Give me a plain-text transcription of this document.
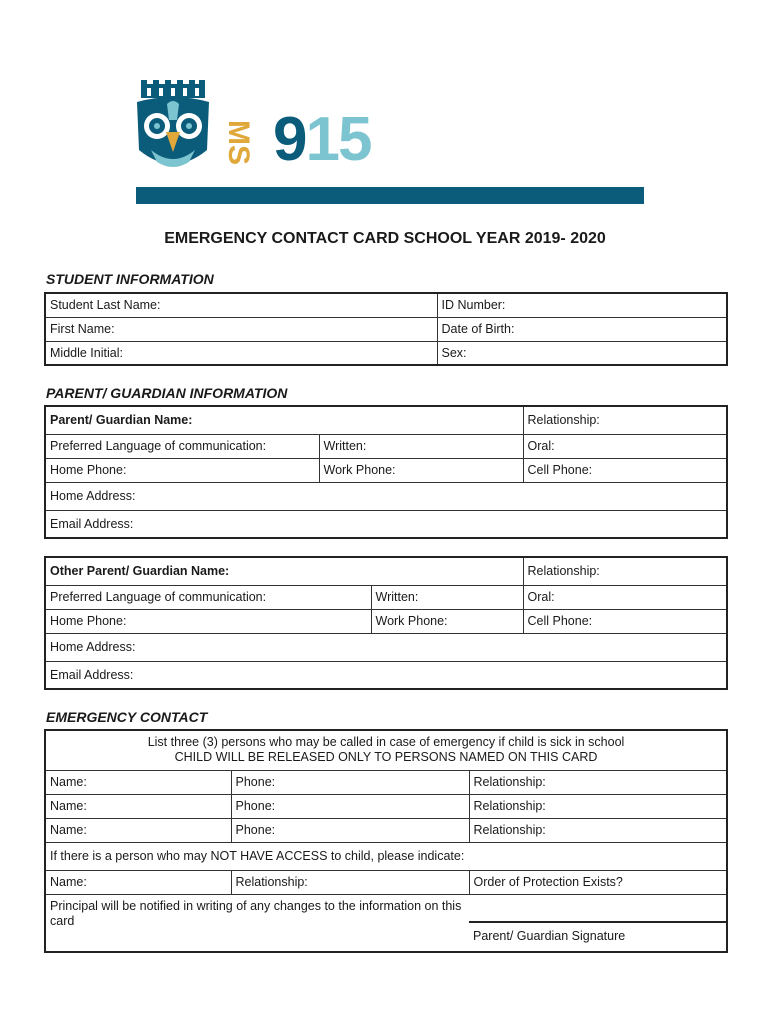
MS 915
EMERGENCY CONTACT CARD SCHOOL YEAR 2019- 2020
STUDENT INFORMATION
Student Last Name:	ID Number:
First Name:	Date of Birth:
Middle Initial:	Sex:
PARENT/ GUARDIAN INFORMATION
Parent/ Guardian Name:		Relationship:
Preferred Language of communication:	Written:	Oral:
Home Phone:	Work Phone:	Cell Phone:
Home Address:		
Email Address:		
Other Parent/ Guardian Name:		Relationship:
Preferred Language of communication:	Written:	Oral:
Home Phone:	Work Phone:	Cell Phone:
Home Address:		
Email Address:		
EMERGENCY CONTACT
List three (3) persons who may be called in case of emergency if child is sick in school
CHILD WILL BE RELEASED ONLY TO PERSONS NAMED ON THIS CARD		

Name:	Phone:	Relationship:
Name:	Phone:	Relationship:
Name:	Phone:	Relationship:
If there is a person who may NOT HAVE ACCESS to child, please indicate:		
Name:	Relationship:	Order of Protection Exists?
Principal will be notified in writing of any changes to the information on this card		Parent/ Guardian Signature
